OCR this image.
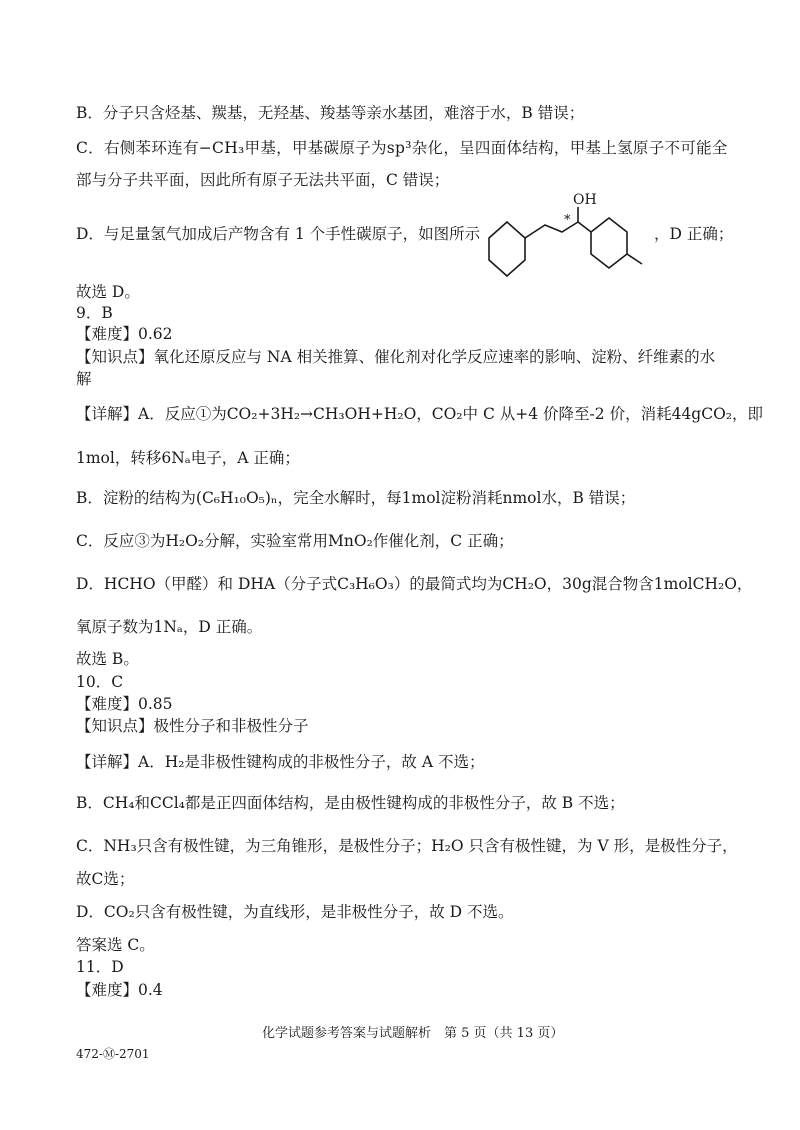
B．分子只含烃基、羰基，无羟基、羧基等亲水基团，难溶于水，B 错误；
C．右侧苯环连有−CH₃甲基，甲基碳原子为sp³杂化，呈四面体结构，甲基上氢原子不可能全
部与分子共平面，因此所有原子无法共平面，C 错误；
D．与足量氢气加成后产物含有 1 个手性碳原子，如图所示
OH
*
，D 正确；
故选 D。
9．B
【难度】0.62
【知识点】氧化还原反应与 NA 相关推算、催化剂对化学反应速率的影响、淀粉、纤维素的水
解
【详解】A．反应①为CO₂+3H₂→CH₃OH+H₂O，CO₂中 C 从+4 价降至-2 价，消耗44gCO₂，即
1mol，转移6Nₐ电子，A 正确；
B．淀粉的结构为(C₆H₁₀O₅)ₙ，完全水解时，每1mol淀粉消耗nmol水，B 错误；
C．反应③为H₂O₂分解，实验室常用MnO₂作催化剂，C 正确；
D．HCHO（甲醛）和 DHA（分子式C₃H₆O₃）的最简式均为CH₂O，30g混合物含1molCH₂O，
氧原子数为1Nₐ，D 正确。
故选 B。
10．C
【难度】0.85
【知识点】极性分子和非极性分子
【详解】A．H₂是非极性键构成的非极性分子，故 A 不选；
B．CH₄和CCl₄都是正四面体结构，是由极性键构成的非极性分子，故 B 不选；
C．NH₃只含有极性键，为三角锥形，是极性分子；H₂O 只含有极性键，为 V 形，是极性分子，
故C选；
D．CO₂只含有极性键，为直线形，是非极性分子，故 D 不选。
答案选 C。
11．D
【难度】0.4
化学试题参考答案与试题解析　第 5 页（共 13 页）
472-Ⓜ-2701
